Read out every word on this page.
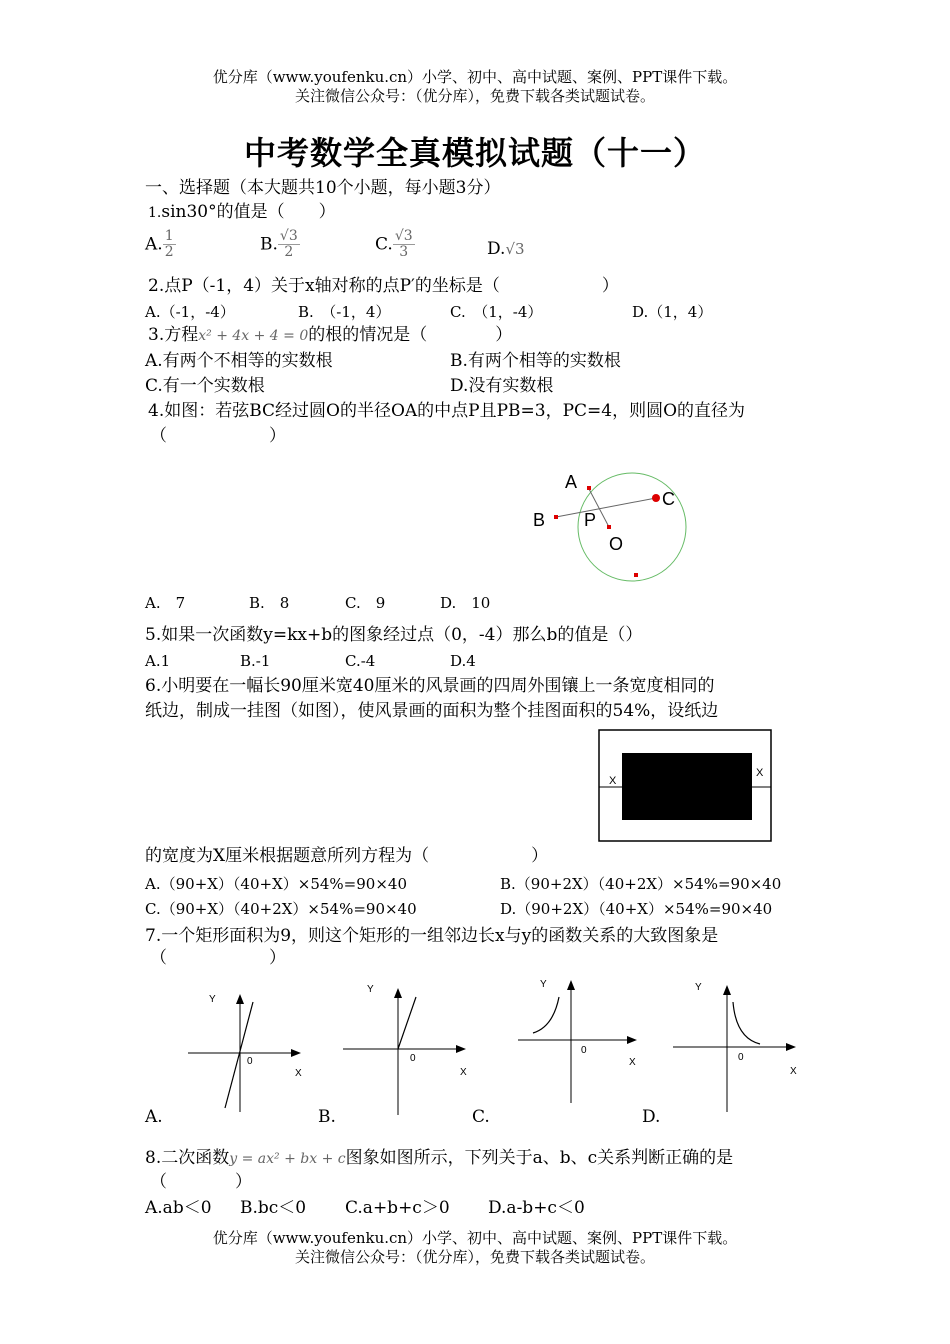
优分库（www.youfenku.cn）小学、初中、高中试题、案例、PPT课件下载。
关注微信公众号：（优分库），免费下载各类试题试卷。
中考数学全真模拟试题（十一）
一、选择题（本大题共10个小题，每小题3分）
1.sin30°的值是（　　）
A. $\frac{1}{2}$	B. $\frac{√3}{2}$	C. $\frac{√3}{3}$	D.√3
2.点P（-1，4）关于x轴对称的点P′的坐标是（　　　　　　）
A.（-1，-4）	B.　（-1，4）	C.　（1，-4）	D.（1，4）
3.方程x² + 4x + 4 = 0的根的情况是（　　　　）
A.有两个不相等的实数根	B.有两个相等的实数根
C.有一个实数根	D.没有实数根
4.如图：若弦BC经过圆O的半径OA的中点P且PB=3，PC=4，则圆O的直径为
（　　　　　　）
A
B
C
P
O
A.　7	B.　8	C.　9	D.　10
5.如果一次函数y=kx+b的图象经过点（0，-4）那么b的值是（）
A.1	B.-1	C.-4	D.4
6.小明要在一幅长90厘米宽40厘米的风景画的四周外围镶上一条宽度相同的
纸边，制成一挂图（如图），使风景画的面积为整个挂图面积的54%，设纸边
X
X
的宽度为X厘米根据题意所列方程为（　　　　　　）
A.（90+X）（40+X）×54%=90×40	B.（90+2X）（40+2X）×54%=90×40
C.（90+X）（40+2X）×54%=90×40	D.（90+2X）（40+X）×54%=90×40
7.一个矩形面积为9，则这个矩形的一组邻边长x与y的函数关系的大致图象是
（　　　　　　）
Y
0
X
Y
0
X
Y
0
X
Y
0
X
A.	B.	C.	D.
8.二次函数y = ax² + bx + c图象如图所示，下列关于a、b、c关系判断正确的是
（　　　　）
A.ab＜0 B.bc＜0 C.a+b+c＞0 D.a-b+c＜0
优分库（www.youfenku.cn）小学、初中、高中试题、案例、PPT课件下载。
关注微信公众号：（优分库），免费下载各类试题试卷。
